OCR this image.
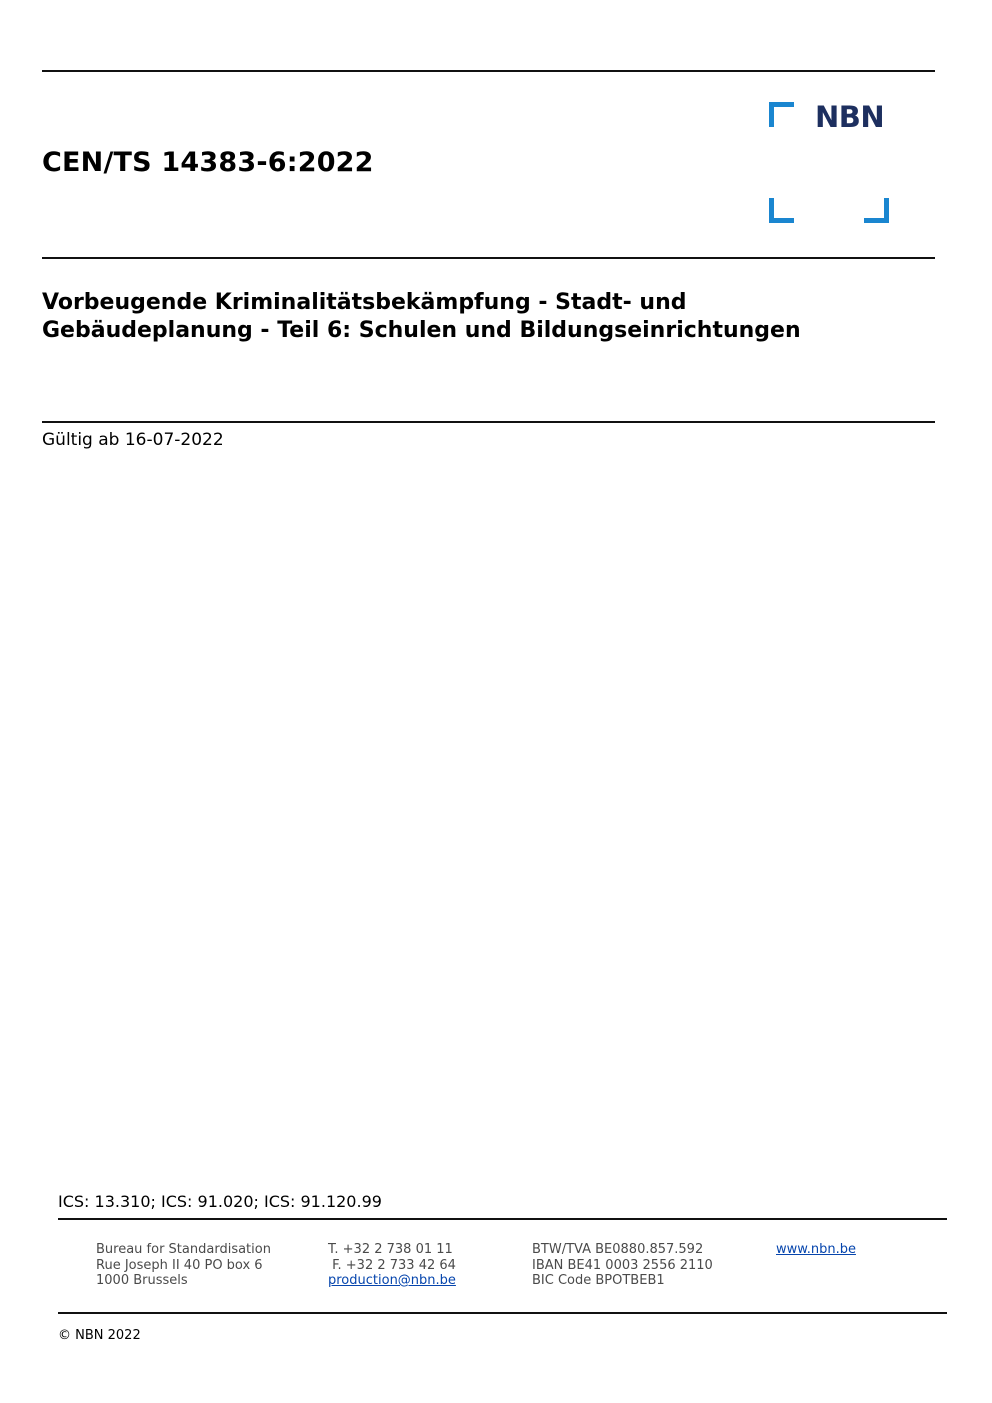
CEN/TS 14383-6:2022
NBN
Vorbeugende Kriminalitätsbekämpfung - Stadt- und
Gebäudeplanung - Teil 6: Schulen und Bildungseinrichtungen
Gültig ab 16-07-2022
ICS: 13.310; ICS: 91.020; ICS: 91.120.99
Bureau for Standardisation
Rue Joseph II 40 PO box 6
1000 Brussels
T. +32 2 738 01 11
F. +32 2 733 42 64
production@nbn.be
BTW/TVA BE0880.857.592
IBAN BE41 0003 2556 2110
BIC Code BPOTBEB1
www.nbn.be
© NBN 2022
